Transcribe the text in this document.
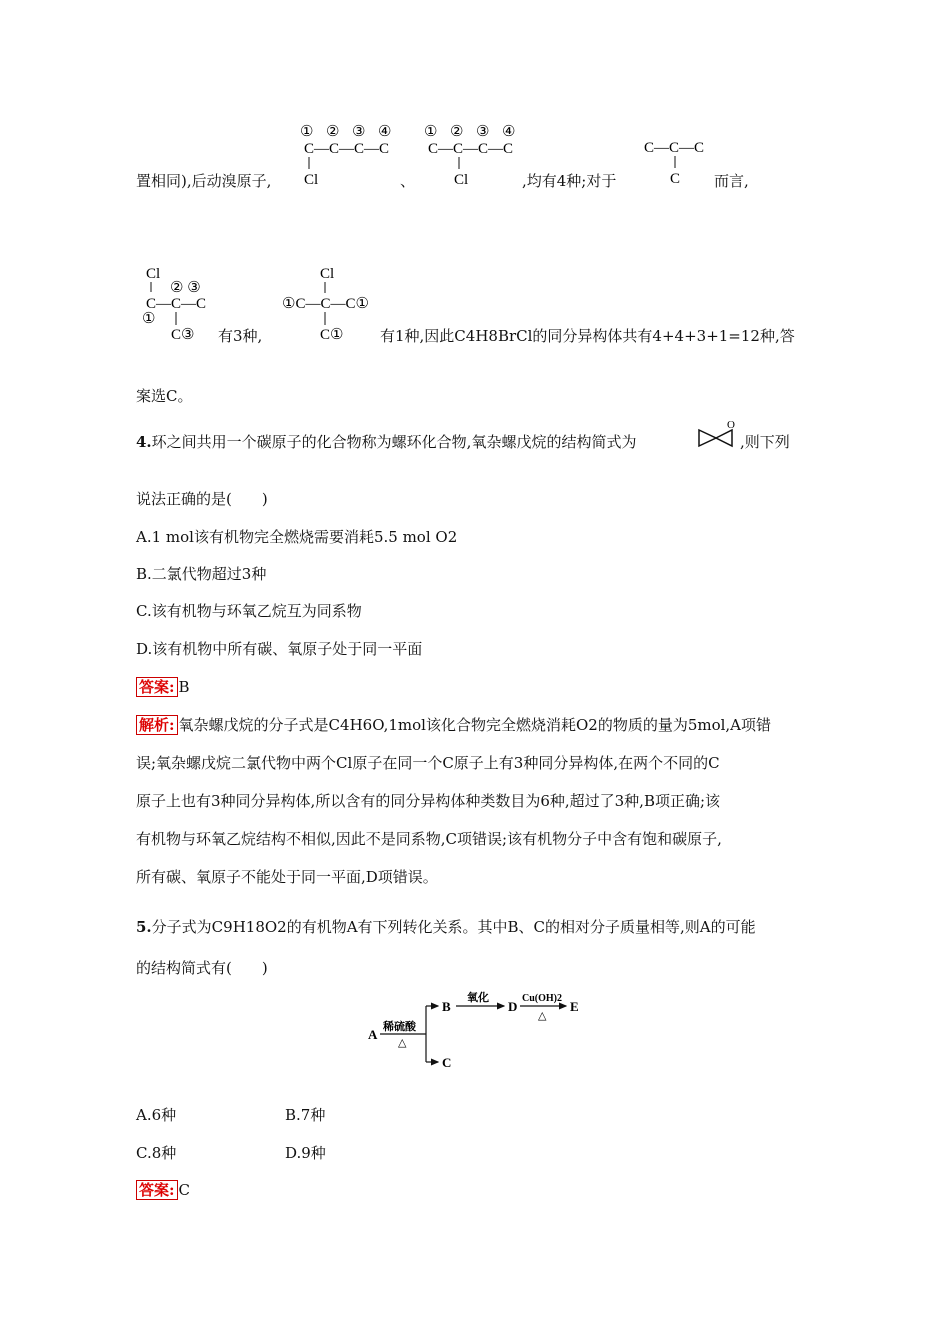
置相同),后动溴原子,
① ② ③ ④
C—C—C—C
Cl	、
① ② ③ ④
C—C—C—C
Cl	,均有4种;对于
C—C—C
C 而言,
Cl
② ③
C—C—C
①
C③ 有3种,
Cl
①C—C—C①
C① 有1种,因此C4H8BrCl的同分异构体共有4+4+3+1=12种,答
案选C。
4.环之间共用一个碳原子的化合物称为螺环化合物,氧杂螺戊烷的结构简式为
O
,则下列
说法正确的是(　　)
A.1 mol该有机物完全燃烧需要消耗5.5 mol O2
B.二氯代物超过3种
C.该有机物与环氧乙烷互为同系物
D.该有机物中所有碳、氧原子处于同一平面
答案: B
解析: 氧杂螺戊烷的分子式是C4H6O,1mol该化合物完全燃烧消耗O2的物质的量为5mol,A项错
误;氧杂螺戊烷二氯代物中两个Cl原子在同一个C原子上有3种同分异构体,在两个不同的C
原子上也有3种同分异构体,所以含有的同分异构体种类数目为6种,超过了3种,B项正确;该
有机物与环氧乙烷结构不相似,因此不是同系物,C项错误;该有机物分子中含有饱和碳原子,
所有碳、氧原子不能处于同一平面,D项错误。
5.分子式为C9H18O2的有机物A有下列转化关系。其中B、C的相对分子质量相等,则A的可能
的结构简式有(　　)
A 稀硫酸
△
B
C
氧化
D
Cu(OH)2
△
E
A.6种	B.7种
C.8种	D.9种
答案: C
